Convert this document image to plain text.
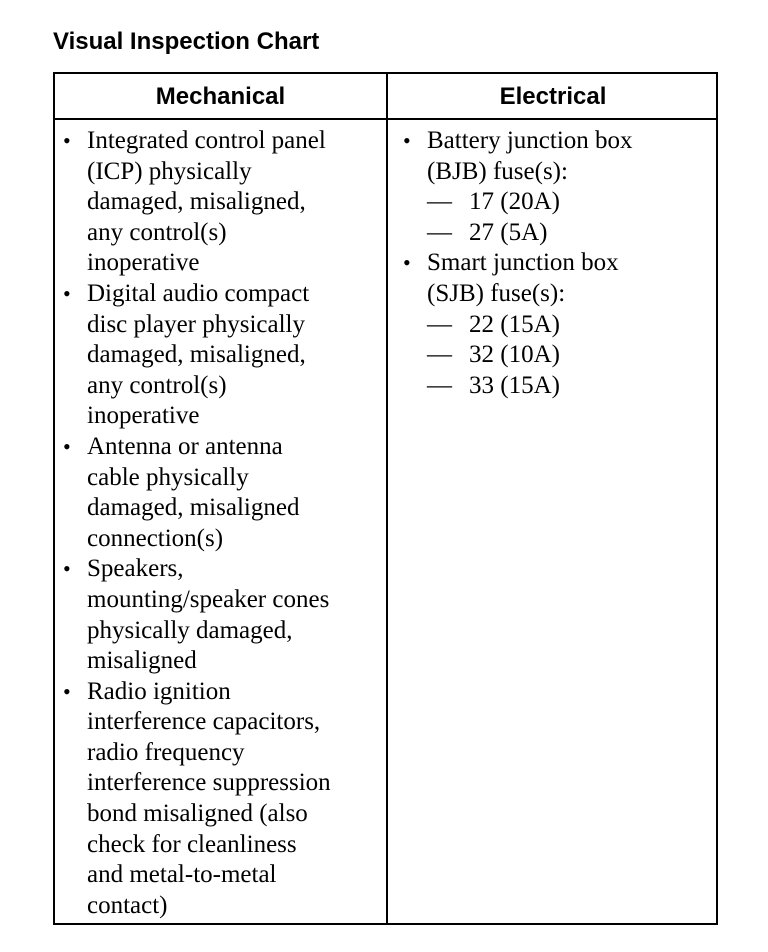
Visual Inspection Chart
Mechanical	Electrical
• Integrated control panel
(ICP) physically
damaged, misaligned,
any control(s)
inoperative
• Digital audio compact
disc player physically
damaged, misaligned,
any control(s)
inoperative
• Antenna or antenna
cable physically
damaged, misaligned
connection(s)
• Speakers,
mounting/speaker cones
physically damaged,
misaligned
• Radio ignition
interference capacitors,
radio frequency
interference suppression
bond misaligned (also
check for cleanliness
and metal-to-metal
contact)
• Battery junction box
(BJB) fuse(s):
— 17 (20A)
— 27 (5A)
• Smart junction box
(SJB) fuse(s):
— 22 (15A)
— 32 (10A)
— 33 (15A)
